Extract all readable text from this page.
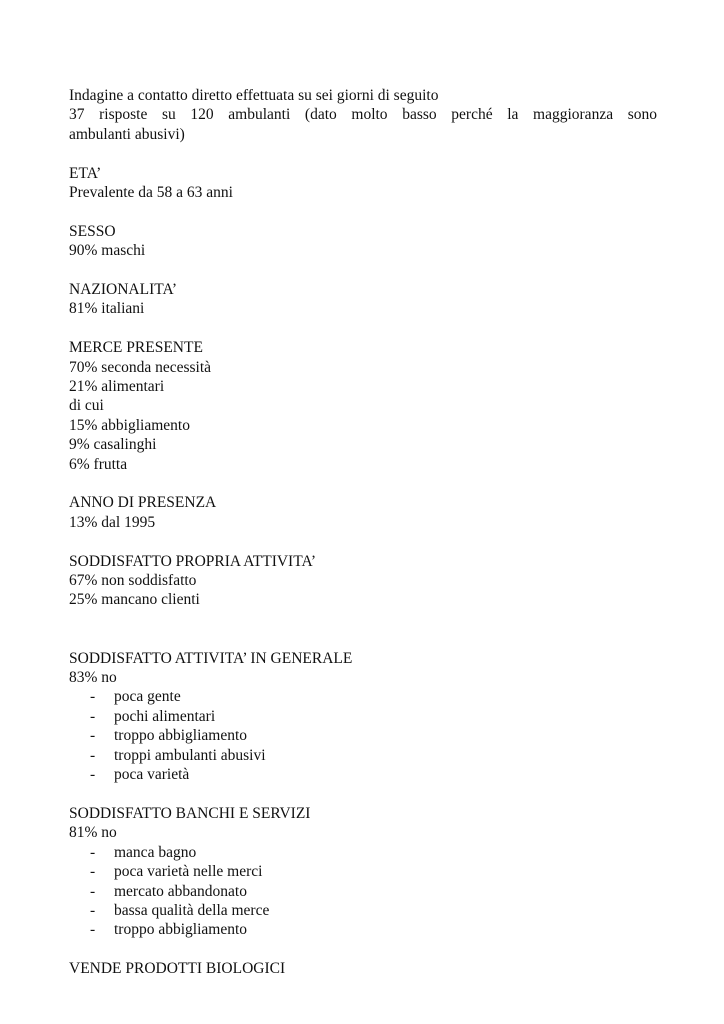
Indagine a contatto diretto effettuata su sei giorni di seguito
37 risposte su 120 ambulanti (dato molto basso perché la maggioranza sono
ambulanti abusivi)
ETA’
Prevalente da 58 a 63 anni
SESSO
90% maschi
NAZIONALITA’
81% italiani
MERCE PRESENTE
70% seconda necessità
21% alimentari
di cui
15% abbigliamento
9% casalinghi
6% frutta
ANNO DI PRESENZA
13% dal 1995
SODDISFATTO PROPRIA ATTIVITA’
67% non soddisfatto
25% mancano clienti
SODDISFATTO ATTIVITA’ IN GENERALE
83% no
- poca gente
- pochi alimentari
- troppo abbigliamento
- troppi ambulanti abusivi
- poca varietà
SODDISFATTO BANCHI E SERVIZI
81% no
- manca bagno
- poca varietà nelle merci
- mercato abbandonato
- bassa qualità della merce
- troppo abbigliamento
VENDE PRODOTTI BIOLOGICI
